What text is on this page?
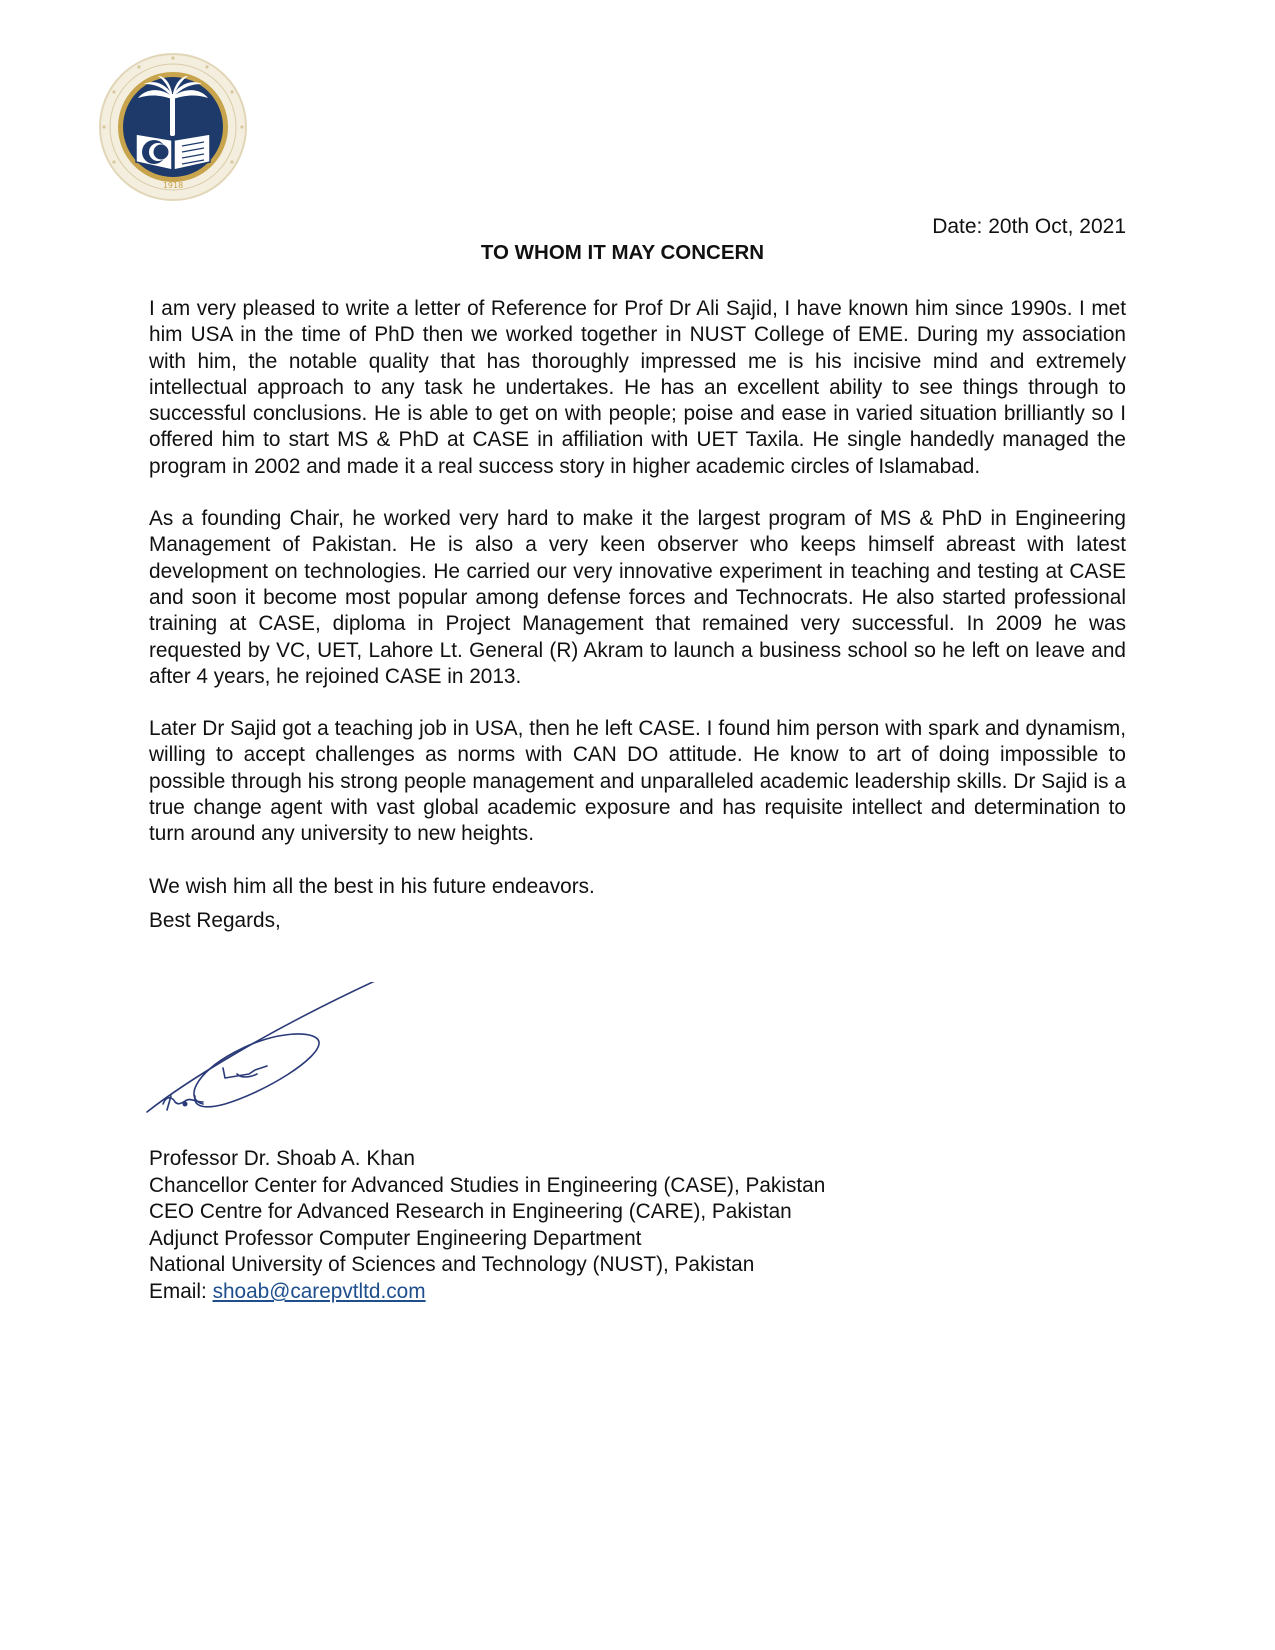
1918

Date: 20th Oct, 2021

TO WHOM IT MAY CONCERN

I am very pleased to write a letter of Reference for Prof Dr Ali Sajid, I have known him since 1990s. I met him USA in the time of PhD then we worked together in NUST College of EME. During my association with him, the notable quality that has thoroughly impressed me is his incisive mind and extremely intellectual approach to any task he undertakes. He has an excellent ability to see things through to successful conclusions. He is able to get on with people; poise and ease in varied situation brilliantly so I offered him to start MS & PhD at CASE in affiliation with UET Taxila. He single handedly managed the program in 2002 and made it a real success story in higher academic circles of Islamabad.

As a founding Chair, he worked very hard to make it the largest program of MS & PhD in Engineering Management of Pakistan. He is also a very keen observer who keeps himself abreast with latest development on technologies. He carried our very innovative experiment in teaching and testing at CASE and soon it become most popular among defense forces and Technocrats. He also started professional training at CASE, diploma in Project Management that remained very successful. In 2009 he was requested by VC, UET, Lahore Lt. General (R) Akram to launch a business school so he left on leave and after 4 years, he rejoined CASE in 2013.

Later Dr Sajid got a teaching job in USA, then he left CASE. I found him person with spark and dynamism, willing to accept challenges as norms with CAN DO attitude. He know to art of doing impossible to possible through his strong people management and unparalleled academic leadership skills. Dr Sajid is a true change agent with vast global academic exposure and has requisite intellect and determination to turn around any university to new heights.

We wish him all the best in his future endeavors.

Best Regards,

Professor Dr. Shoab A. Khan
Chancellor Center for Advanced Studies in Engineering (CASE), Pakistan
CEO Centre for Advanced Research in Engineering (CARE), Pakistan
Adjunct Professor Computer Engineering Department
National University of Sciences and Technology (NUST), Pakistan
Email: shoab@carepvtltd.com
